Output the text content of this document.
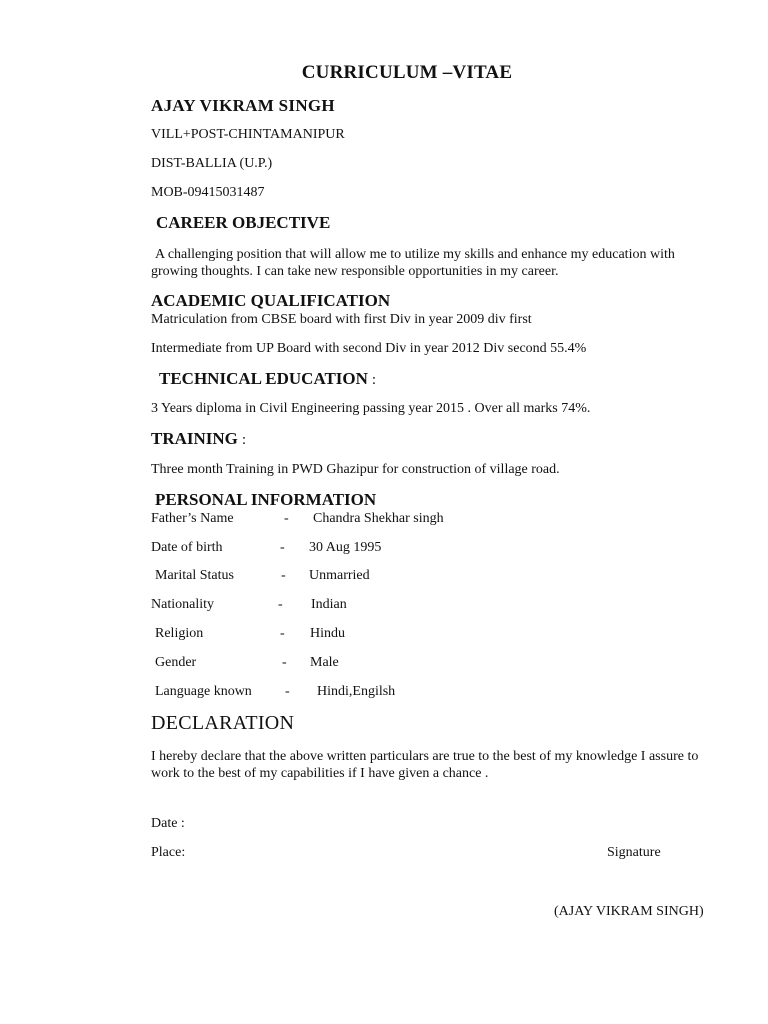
CURRICULUM –VITAE
AJAY VIKRAM SINGH
VILL+POST-CHINTAMANIPUR
DIST-BALLIA (U.P.)
MOB-09415031487
CAREER OBJECTIVE
A challenging position that will allow me to utilize my skills and enhance my education with growing thoughts. I can take new responsible opportunities in my career.
ACADEMIC QUALIFICATION
Matriculation from CBSE board with first Div in year 2009 div first
Intermediate from UP Board with second Div in year 2012 Div second 55.4%
TECHNICAL EDUCATION :
3 Years diploma in Civil Engineering passing year 2015 . Over all marks 74%.
TRAINING :
Three month Training in PWD Ghazipur for construction of village road.
PERSONAL INFORMATION
Father’s Name	- Chandra Shekhar singh
Date of birth	- 30 Aug 1995
Marital Status	- Unmarried
Nationality	- Indian
Religion	- Hindu
Gender	- Male
Language known - Hindi,Engilsh
DECLARATION
I hereby declare that the above written particulars are true to the best of my knowledge I assure to work to the best of my capabilities if I have given a chance .
Date :
Place:	Signature
(AJAY VIKRAM SINGH)
